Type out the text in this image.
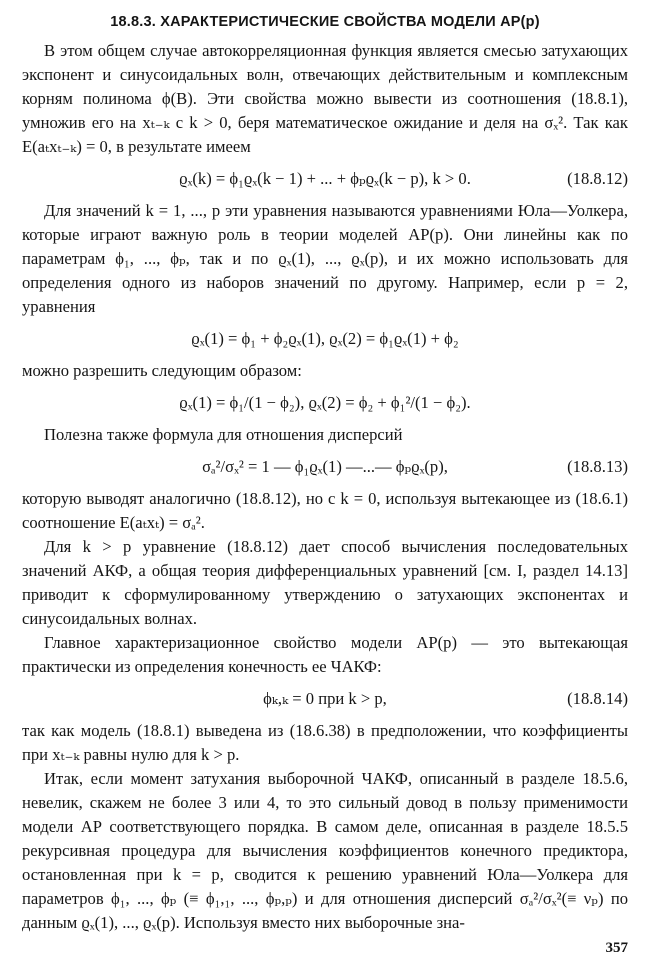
18.8.3. ХАРАКТЕРИСТИЧЕСКИЕ СВОЙСТВА МОДЕЛИ АР(p)

В этом общем случае автокорреляционная функция является смесью затухающих экспонент и синусоидальных волн, отвечающих действительным и комплексным корням полинома ϕ(B). Эти свойства можно вывести из соотношения (18.8.1), умножив его на xₜ₋ₖ с k > 0, беря математическое ожидание и деля на σₓ². Так как E(aₜxₜ₋ₖ) = 0, в результате имеем

ϱₓ(k) = ϕ₁ϱₓ(k − 1) + ... + ϕₚϱₓ(k − p), k > 0.	(18.8.12)

Для значений k = 1, ..., p эти уравнения называются уравнениями Юла—Уолкера, которые играют важную роль в теории моделей АР(p). Они линейны как по параметрам ϕ₁, ..., ϕₚ, так и по ϱₓ(1), ..., ϱₓ(p), и их можно использовать для определения одного из наборов значений по другому. Например, если p = 2, уравнения

ϱₓ(1) = ϕ₁ + ϕ₂ϱₓ(1), ϱₓ(2) = ϕ₁ϱₓ(1) + ϕ₂

можно разрешить следующим образом:

ϱₓ(1) = ϕ₁/(1 − ϕ₂), ϱₓ(2) = ϕ₂ + ϕ₁²/(1 − ϕ₂).

Полезна также формула для отношения дисперсий

σₐ²/σₓ² = 1 — ϕ₁ϱₓ(1) —...— ϕₚϱₓ(p),	(18.8.13)

которую выводят аналогично (18.8.12), но с k = 0, используя вытекающее из (18.6.1) соотношение E(aₜxₜ) = σₐ².

Для k > p уравнение (18.8.12) дает способ вычисления последовательных значений АКФ, а общая теория дифференциальных уравнений [см. I, раздел 14.13] приводит к сформулированному утверждению о затухающих экспонентах и синусоидальных волнах.

Главное характеризационное свойство модели АР(p) — это вытекающая практически из определения конечность ее ЧАКФ:

ϕₖ,ₖ = 0 при k > p,	(18.8.14)

так как модель (18.8.1) выведена из (18.6.38) в предположении, что коэффициенты при xₜ₋ₖ равны нулю для k > p.

Итак, если момент затухания выборочной ЧАКФ, описанный в разделе 18.5.6, невелик, скажем не более 3 или 4, то это сильный довод в пользу применимости модели АР соответствующего порядка. В самом деле, описанная в разделе 18.5.5 рекурсивная процедура для вычисления коэффициентов конечного предиктора, остановленная при k = p, сводится к решению уравнений Юла—Уолкера для параметров ϕ₁, ..., ϕₚ (≡ ϕ₁,₁, ..., ϕₚ,ₚ) и для отношения дисперсий σₐ²/σₓ²(≡ νₚ) по данным ϱₓ(1), ..., ϱₓ(p). Используя вместо них выборочные зна-

357
